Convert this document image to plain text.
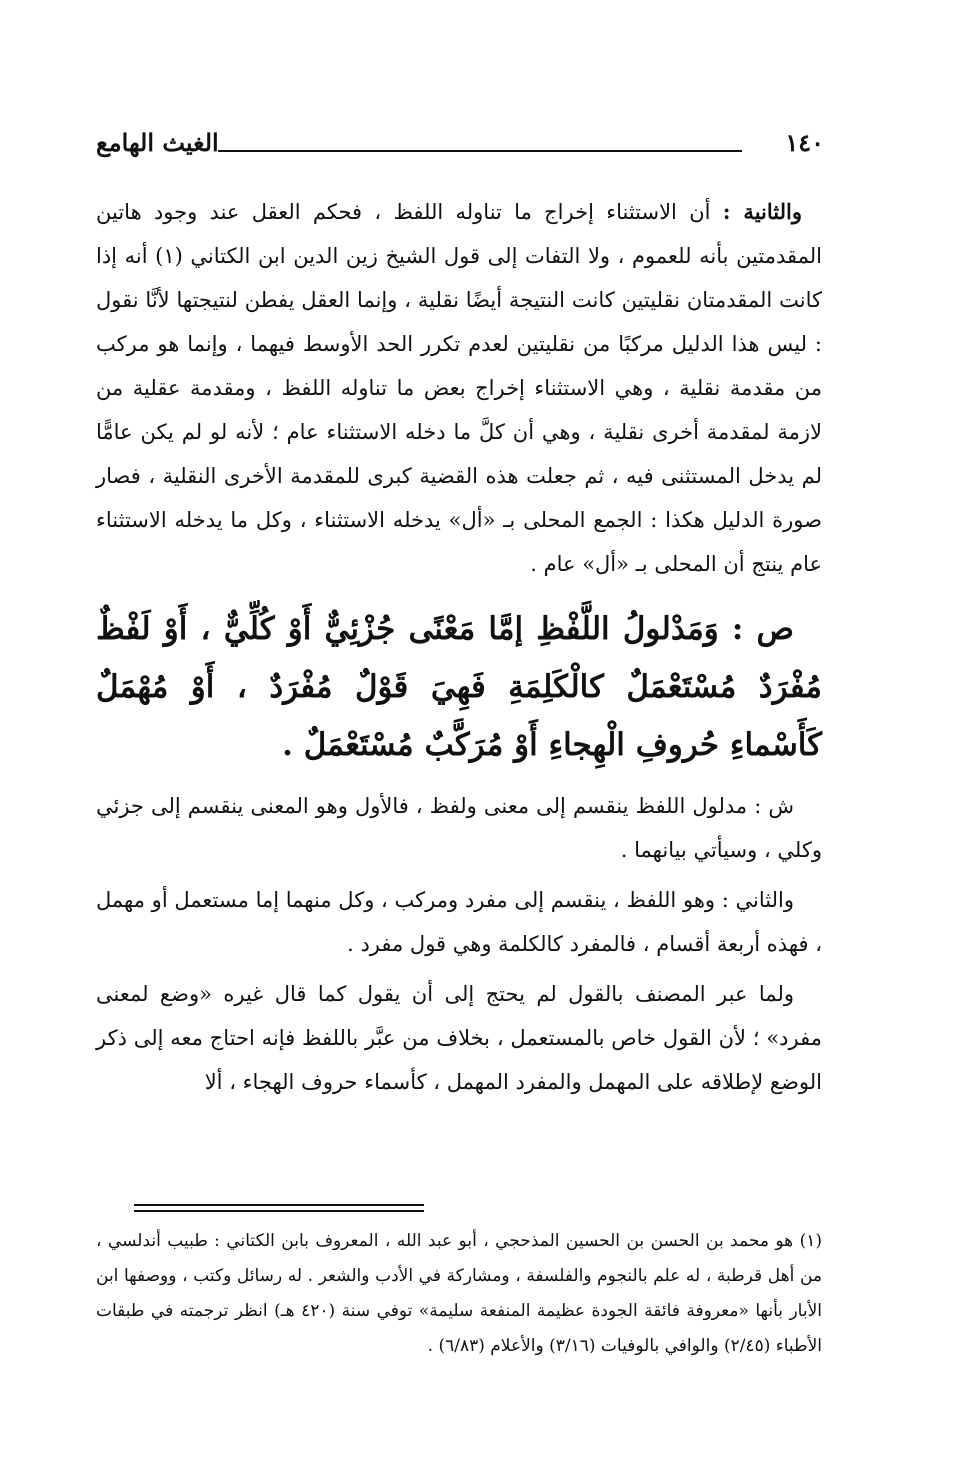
١٤٠
الغيث الهامع

والثانية : أن الاستثناء إخراج ما تناوله اللفظ ، فحكم العقل عند وجود هاتين المقدمتين بأنه للعموم ، ولا التفات إلى قول الشيخ زين الدين ابن الكتاني (١) أنه إذا كانت المقدمتان نقليتين كانت النتيجة أيضًا نقلية ، وإنما العقل يفطن لنتيجتها لأنَّا نقول : ليس هذا الدليل مركبًا من نقليتين لعدم تكرر الحد الأوسط فيهما ، وإنما هو مركب من مقدمة نقلية ، وهي الاستثناء إخراج بعض ما تناوله اللفظ ، ومقدمة عقلية من لازمة لمقدمة أخرى نقلية ، وهي أن كلَّ ما دخله الاستثناء عام ؛ لأنه لو لم يكن عامًّا لم يدخل المستثنى فيه ، ثم جعلت هذه القضية كبرى للمقدمة الأخرى النقلية ، فصار صورة الدليل هكذا : الجمع المحلى بـ «أل» يدخله الاستثناء ، وكل ما يدخله الاستثناء عام ينتج أن المحلى بـ «أل» عام .

ص : وَمَدْلولُ اللَّفْظِ إمَّا مَعْنًى جُزْئِيٌّ أَوْ كُلِّيٌّ ، أَوْ لَفْظٌ مُفْرَدٌ مُسْتَعْمَلٌ كالْكَلِمَةِ فَهِيَ قَوْلٌ مُفْرَدٌ ، أَوْ مُهْمَلٌ كَأَسْماءِ حُروفِ الْهِجاءِ أَوْ مُرَكَّبٌ مُسْتَعْمَلٌ .

ش : مدلول اللفظ ينقسم إلى معنى ولفظ ، فالأول وهو المعنى ينقسم إلى جزئي وكلي ، وسيأتي بيانهما .

والثاني : وهو اللفظ ، ينقسم إلى مفرد ومركب ، وكل منهما إما مستعمل أو مهمل ، فهذه أربعة أقسام ، فالمفرد كالكلمة وهي قول مفرد .

ولما عبر المصنف بالقول لم يحتج إلى أن يقول كما قال غيره «وضع لمعنى مفرد» ؛ لأن القول خاص بالمستعمل ، بخلاف من عبَّر باللفظ فإنه احتاج معه إلى ذكر الوضع لإطلاقه على المهمل والمفرد المهمل ، كأسماء حروف الهجاء ، ألا

(١) هو محمد بن الحسن بن الحسين المذحجي ، أبو عبد الله ، المعروف بابن الكتاني : طبيب أندلسي ، من أهل قرطبة ، له علم بالنجوم والفلسفة ، ومشاركة في الأدب والشعر . له رسائل وكتب ، ووصفها ابن الأبار بأنها «معروفة فائقة الجودة عظيمة المنفعة سليمة» توفي سنة (٤٢٠ هـ) انظر ترجمته في طبقات الأطباء (٢/٤٥) والوافي بالوفيات (٣/١٦) والأعلام (٦/٨٣) .
